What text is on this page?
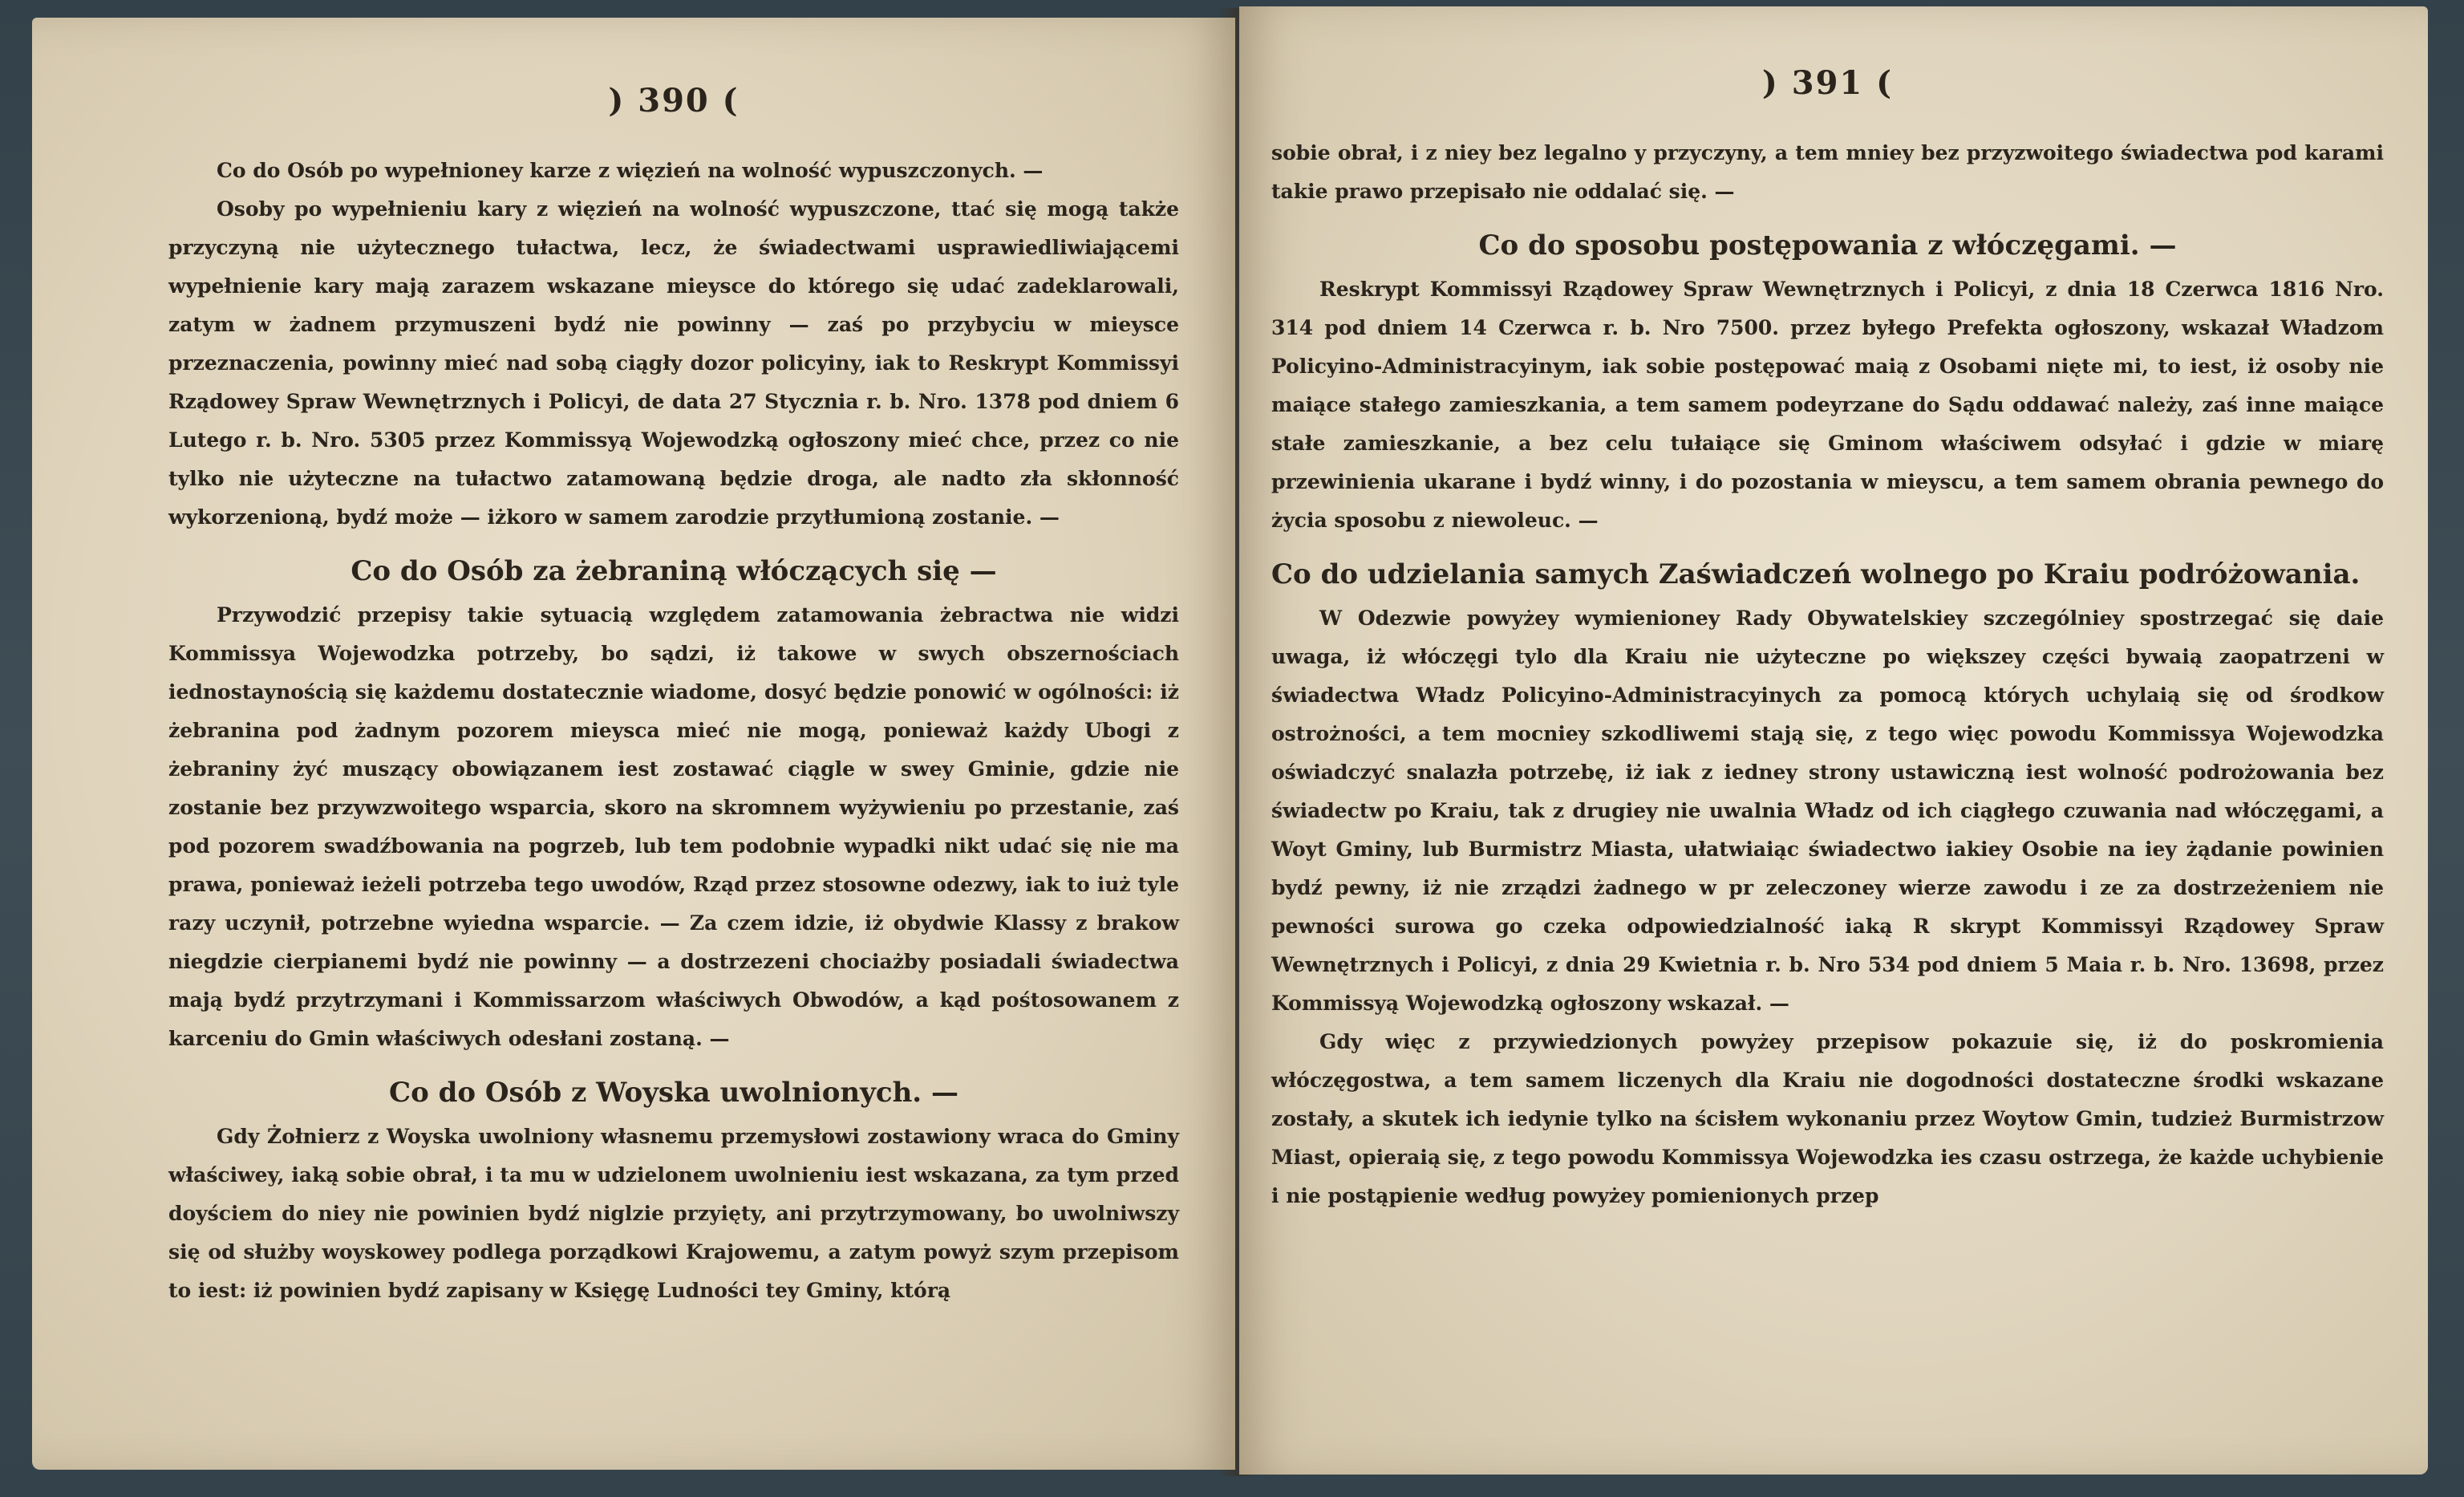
) 390 (

Co do Osób po wypełnioney karze z więzień na wolność wypuszczonych. —

Osoby po wypełnieniu kary z więzień na wolność wypuszczone, ttać się mogą także przyczyną nie użytecznego tułactwa, lecz, że świadectwami usprawiedliwiającemi wypełnienie kary mają zarazem wskazane mieysce do którego się udać zadeklarowali, zatym w żadnem przymuszeni bydź nie powinny — zaś po przybyciu w mieysce przeznaczenia, powinny mieć nad sobą ciągły dozor policyiny, iak to Reskrypt Kommissyi Rządowey Spraw Wewnętrznych i Policyi, de data 27 Stycznia r. b. Nro. 1378 pod dniem 6 Lutego r. b. Nro. 5305 przez Kommissyą Wojewodzką ogłoszony mieć chce, przez co nie tylko nie użyteczne na tułactwo zatamowaną będzie droga, ale nadto zła skłonność wykorzenioną, bydź może — iżkoro w samem zarodzie przytłumioną zostanie. —

Co do Osób za żebraniną włóczących się —

Przywodzić przepisy takie sytuacią względem zatamowania żebractwa nie widzi Kommissya Wojewodzka potrzeby, bo sądzi, iż takowe w swych obszernościach iednostaynością się każdemu dostatecznie wiadome, dosyć będzie ponowić w ogólności: iż żebranina pod żadnym pozorem mieysca mieć nie mogą, ponieważ każdy Ubogi z żebraniny żyć muszący obowiązanem iest zostawać ciągle w swey Gminie, gdzie nie zostanie bez przywzwoitego wsparcia, skoro na skromnem wyżywieniu po przestanie, zaś pod pozorem swadźbowania na pogrzeb, lub tem podobnie wypadki nikt udać się nie ma prawa, ponieważ ieżeli potrzeba tego uwodów, Rząd przez stosowne odezwy, iak to iuż tyle razy uczynił, potrzebne wyiedna wsparcie. — Za czem idzie, iż obydwie Klassy z brakow niegdzie cierpianemi bydź nie powinny — a dostrzezeni chociażby posiadali świadectwa mają bydź przytrzymani i Kommissarzom właściwych Obwodów, a kąd pośtosowanem z karceniu do Gmin właściwych odesłani zostaną. —

Co do Osób z Woyska uwolnionych. —

Gdy Żołnierz z Woyska uwolniony własnemu przemysłowi zostawiony wraca do Gminy właściwey, iaką sobie obrał, i ta mu w udzielonem uwolnieniu iest wskazana, za tym przed doyściem do niey nie powinien bydź niglzie przyięty, ani przytrzymowany, bo uwolniwszy się od służby woyskowey podlega porządkowi Krajowemu, a zatym powyż szym przepisom to iest: iż powinien bydź zapisany w Księgę Ludności tey Gminy, którą

) 391 (

sobie obrał, i z niey bez legalno y przyczyny, a tem mniey bez przyzwoitego świadectwa pod karami takie prawo przepisało nie oddalać się. —

Co do sposobu postępowania z włóczęgami. —

Reskrypt Kommissyi Rządowey Spraw Wewnętrznych i Policyi, z dnia 18 Czerwca 1816 Nro. 314 pod dniem 14 Czerwca r. b. Nro 7500. przez byłego Prefekta ogłoszony, wskazał Władzom Policyino-Administracyinym, iak sobie postępować maią z Osobami nięte mi, to iest, iż osoby nie maiące stałego zamieszkania, a tem samem podeyrzane do Sądu oddawać należy, zaś inne maiące stałe zamieszkanie, a bez celu tułaiące się Gminom właściwem odsyłać i gdzie w miarę przewinienia ukarane i bydź winny, i do pozostania w mieyscu, a tem samem obrania pewnego do życia sposobu z niewoleuc. —

Co do udzielania samych Zaświadczeń wolnego po Kraiu podróżowania.

W Odezwie powyżey wymienioney Rady Obywatelskiey szczególniey spostrzegać się daie uwaga, iż włóczęgi tylo dla Kraiu nie użyteczne po większey części bywaią zaopatrzeni w świadectwa Władz Policyino-Administracyinych za pomocą których uchylaią się od środkow ostrożności, a tem mocniey szkodliwemi stają się, z tego więc powodu Kommissya Wojewodzka oświadczyć snalazła potrzebę, iż iak z iedney strony ustawiczną iest wolność podrożowania bez świadectw po Kraiu, tak z drugiey nie uwalnia Władz od ich ciągłego czuwania nad włóczęgami, a Woyt Gminy, lub Burmistrz Miasta, ułatwiaiąc świadectwo iakiey Osobie na iey żądanie powinien bydź pewny, iż nie zrządzi żadnego w pr zeleczoney wierze zawodu i ze za dostrzeżeniem nie pewności surowa go czeka odpowiedzialność iaką R skrypt Kommissyi Rządowey Spraw Wewnętrznych i Policyi, z dnia 29 Kwietnia r. b. Nro 534 pod dniem 5 Maia r. b. Nro. 13698, przez Kommissyą Wojewodzką ogłoszony wskazał. —

Gdy więc z przywiedzionych powyżey przepisow pokazuie się, iż do poskromienia włóczęgostwa, a tem samem liczenych dla Kraiu nie dogodności dostateczne środki wskazane zostały, a skutek ich iedynie tylko na ścisłem wykonaniu przez Woytow Gmin, tudzież Burmistrzow Miast, opieraią się, z tego powodu Kommissya Wojewodzka ies czasu ostrzega, że każde uchybienie i nie postąpienie według powyżey pomienionych przep
